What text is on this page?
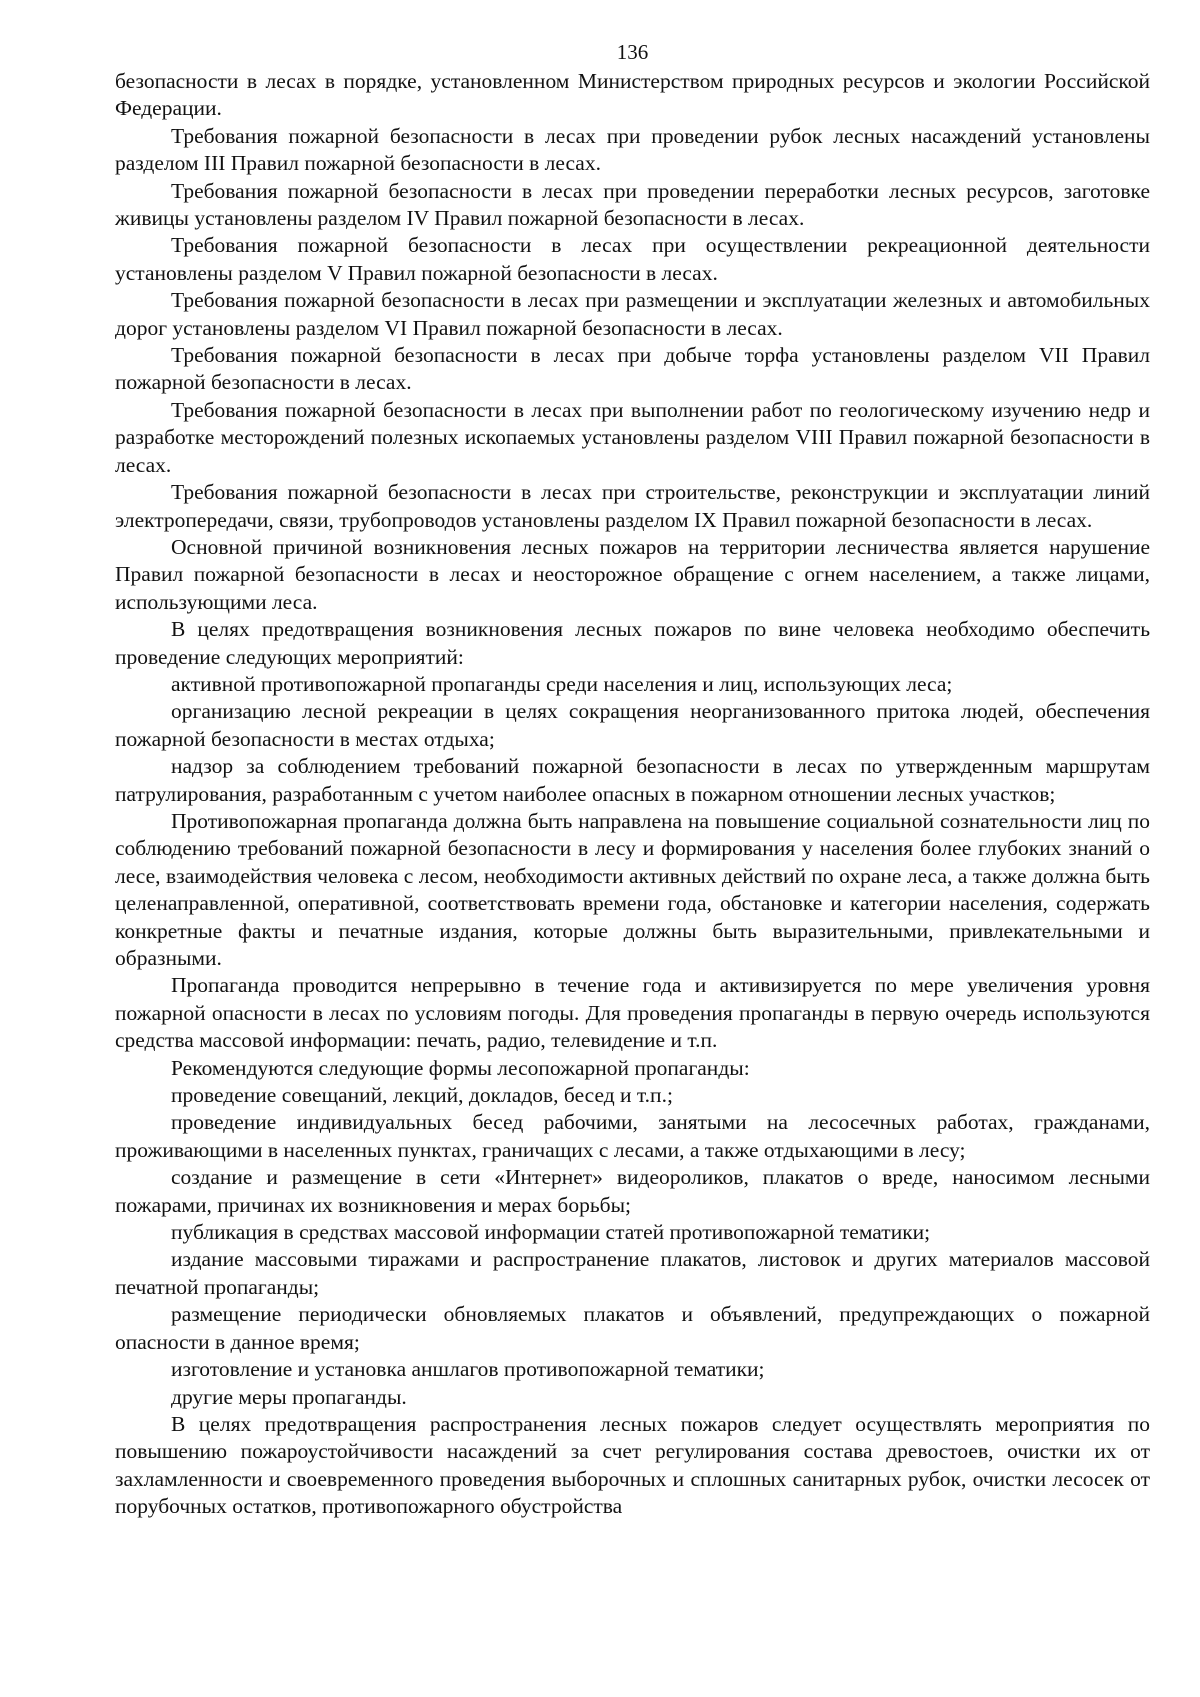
136

безопасности в лесах в порядке, установленном Министерством природных ресурсов и экологии Российской Федерации.

Требования пожарной безопасности в лесах при проведении рубок лесных насаждений установлены разделом III Правил пожарной безопасности в лесах.

Требования пожарной безопасности в лесах при проведении переработки лесных ресурсов, заготовке живицы установлены разделом IV Правил пожарной безопасности в лесах.

Требования пожарной безопасности в лесах при осуществлении рекреационной деятельности установлены разделом V Правил пожарной безопасности в лесах.

Требования пожарной безопасности в лесах при размещении и эксплуатации железных и автомобильных дорог установлены разделом VI Правил пожарной безопасности в лесах.

Требования пожарной безопасности в лесах при добыче торфа установлены разделом VII Правил пожарной безопасности в лесах.

Требования пожарной безопасности в лесах при выполнении работ по геологическому изучению недр и разработке месторождений полезных ископаемых установлены разделом VIII Правил пожарной безопасности в лесах.

Требования пожарной безопасности в лесах при строительстве, реконструкции и эксплуатации линий электропередачи, связи, трубопроводов установлены разделом IX Правил пожарной безопасности в лесах.

Основной причиной возникновения лесных пожаров на территории лесничества является нарушение Правил пожарной безопасности в лесах и неосторожное обращение с огнем населением, а также лицами, использующими леса.

В целях предотвращения возникновения лесных пожаров по вине человека необходимо обеспечить проведение следующих мероприятий:

активной противопожарной пропаганды среди населения и лиц, использующих леса;

организацию лесной рекреации в целях сокращения неорганизованного притока людей, обеспечения пожарной безопасности в местах отдыха;

надзор за соблюдением требований пожарной безопасности в лесах по утвержденным маршрутам патрулирования, разработанным с учетом наиболее опасных в пожарном отношении лесных участков;

Противопожарная пропаганда должна быть направлена на повышение социальной сознательности лиц по соблюдению требований пожарной безопасности в лесу и формирования у населения более глубоких знаний о лесе, взаимодействия человека с лесом, необходимости активных действий по охране леса, а также должна быть целенаправленной, оперативной, соответствовать времени года, обстановке и категории населения, содержать конкретные факты и печатные издания, которые должны быть выразительными, привлекательными и образными.

Пропаганда проводится непрерывно в течение года и активизируется по мере увеличения уровня пожарной опасности в лесах по условиям погоды. Для проведения пропаганды в первую очередь используются средства массовой информации: печать, радио, телевидение и т.п.

Рекомендуются следующие формы лесопожарной пропаганды:

проведение совещаний, лекций, докладов, бесед и т.п.;

проведение индивидуальных бесед рабочими, занятыми на лесосечных работах, гражданами, проживающими в населенных пунктах, граничащих с лесами, а также отдыхающими в лесу;

создание и размещение в сети «Интернет» видеороликов, плакатов о вреде, наносимом лесными пожарами, причинах их возникновения и мерах борьбы;

публикация в средствах массовой информации статей противопожарной тематики;

издание массовыми тиражами и распространение плакатов, листовок и других материалов массовой печатной пропаганды;

размещение периодически обновляемых плакатов и объявлений, предупреждающих о пожарной опасности в данное время;

изготовление и установка аншлагов противопожарной тематики;

другие меры пропаганды.

В целях предотвращения распространения лесных пожаров следует осуществлять мероприятия по повышению пожароустойчивости насаждений за счет регулирования состава древостоев, очистки их от захламленности и своевременного проведения выборочных и сплошных санитарных рубок, очистки лесосек от порубочных остатков, противопожарного обустройства
